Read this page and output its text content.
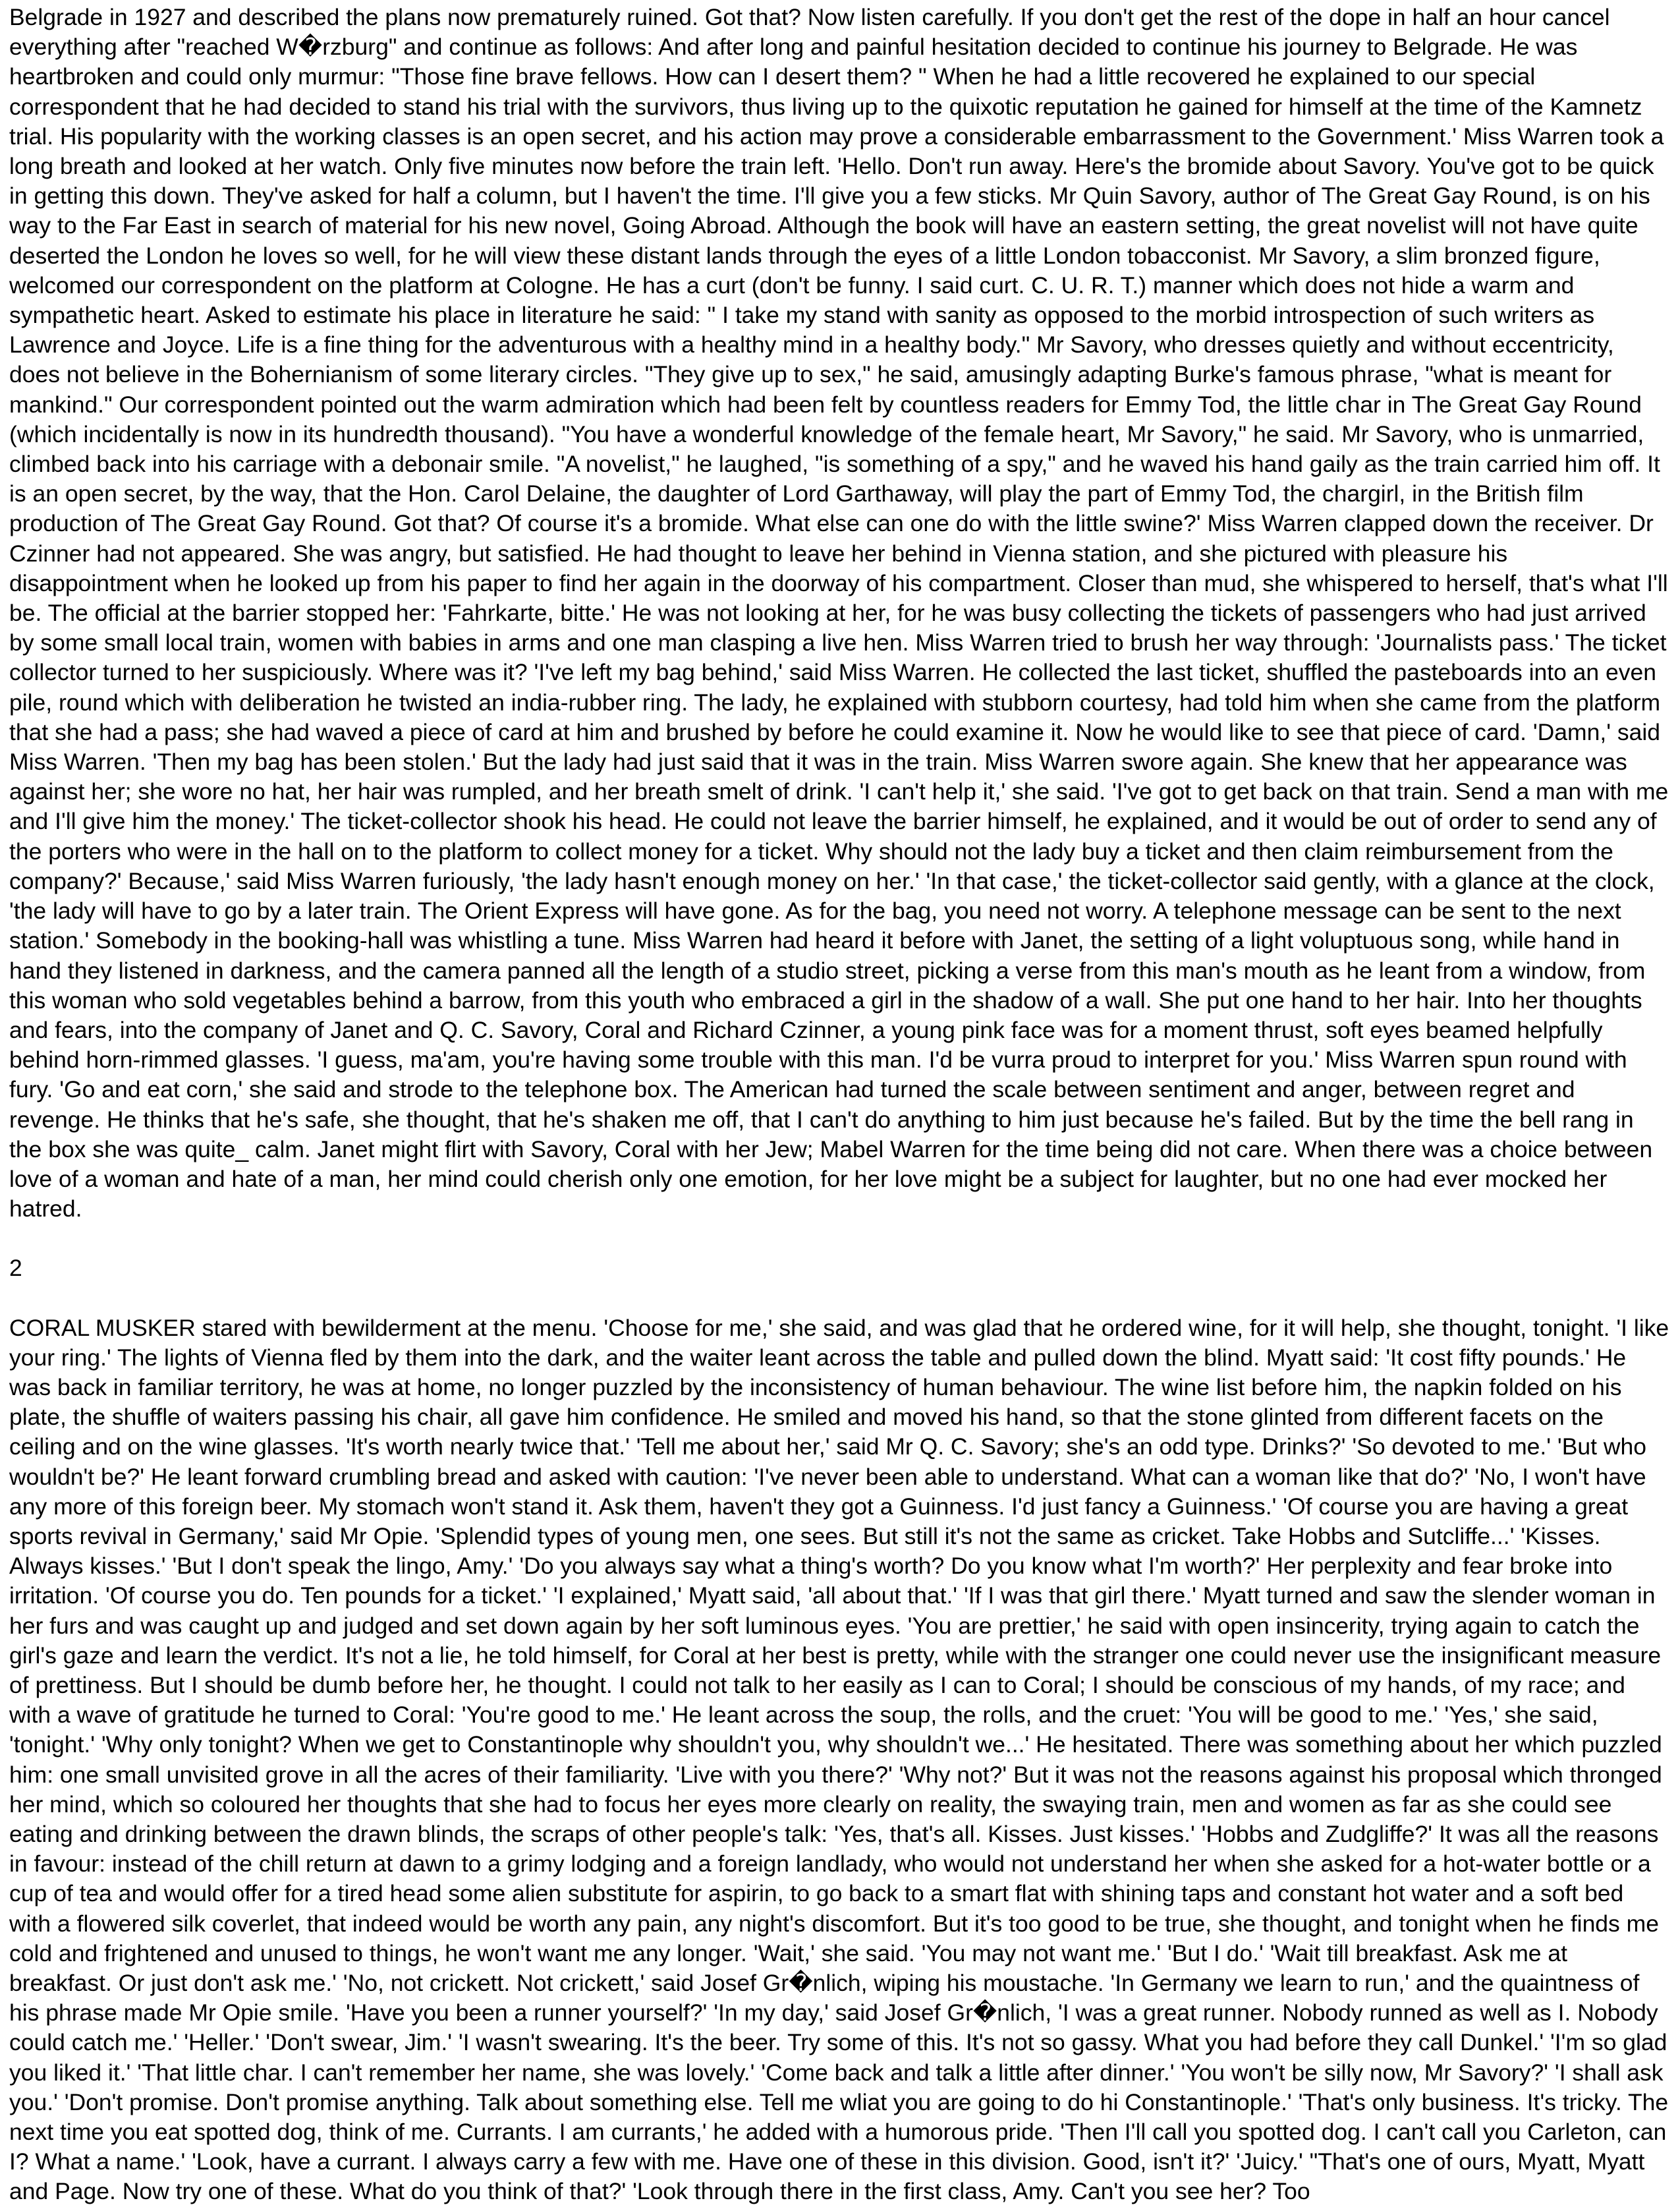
Belgrade in 1927 and described the plans now prematurely ruined. Got that? Now listen carefully. If you don't get the rest of the dope in half an hour cancel everything after "reached W�rzburg" and continue as follows: And after long and painful hesitation decided to continue his journey to Belgrade. He was heartbroken and could only murmur: "Those fine brave fellows. How can I desert them? " When he had a little recovered he explained to our special correspondent that he had decided to stand his trial with the survivors, thus living up to the quixotic reputation he gained for himself at the time of the Kamnetz trial. His popularity with the working classes is an open secret, and his action may prove a considerable embarrassment to the Government.' Miss Warren took a long breath and looked at her watch. Only five minutes now before the train left. 'Hello. Don't run away. Here's the bromide about Savory. You've got to be quick in getting this down. They've asked for half a column, but I haven't the time. I'll give you a few sticks. Mr Quin Savory, author of The Great Gay Round, is on his way to the Far East in search of material for his new novel, Going Abroad. Although the book will have an eastern setting, the great novelist will not have quite deserted the London he loves so well, for he will view these distant lands through the eyes of a little London tobacconist. Mr Savory, a slim bronzed figure, welcomed our correspondent on the platform at Cologne. He has a curt (don't be funny. I said curt. C. U. R. T.) manner which does not hide a warm and sympathetic heart. Asked to estimate his place in literature he said: " I take my stand with sanity as opposed to the morbid introspection of such writers as Lawrence and Joyce. Life is a fine thing for the adventurous with a healthy mind in a healthy body." Mr Savory, who dresses quietly and without eccentricity, does not believe in the Bohernianism of some literary circles. "They give up to sex," he said, amusingly adapting Burke's famous phrase, "what is meant for mankind." Our correspondent pointed out the warm admiration which had been felt by countless readers for Emmy Tod, the little char in The Great Gay Round (which incidentally is now in its hundredth thousand). "You have a wonderful knowledge of the female heart, Mr Savory," he said. Mr Savory, who is unmarried, climbed back into his carriage with a debonair smile. "A novelist," he laughed, "is something of a spy," and he waved his hand gaily as the train carried him off. It is an open secret, by the way, that the Hon. Carol Delaine, the daughter of Lord Garthaway, will play the part of Emmy Tod, the chargirl, in the British film production of The Great Gay Round. Got that? Of course it's a bromide. What else can one do with the little swine?' Miss Warren clapped down the receiver. Dr Czinner had not appeared. She was angry, but satisfied. He had thought to leave her behind in Vienna station, and she pictured with pleasure his disappointment when he looked up from his paper to find her again in the doorway of his compartment. Closer than mud, she whispered to herself, that's what I'll be. The official at the barrier stopped her: 'Fahrkarte, bitte.' He was not looking at her, for he was busy collecting the tickets of passengers who had just arrived by some small local train, women with babies in arms and one man clasping a live hen. Miss Warren tried to brush her way through: 'Journalists pass.' The ticket collector turned to her suspiciously. Where was it? 'I've left my bag behind,' said Miss Warren. He collected the last ticket, shuffled the pasteboards into an even pile, round which with deliberation he twisted an india-rubber ring. The lady, he explained with stubborn courtesy, had told him when she came from the platform that she had a pass; she had waved a piece of card at him and brushed by before he could examine it. Now he would like to see that piece of card. 'Damn,' said Miss Warren. 'Then my bag has been stolen.' But the lady had just said that it was in the train. Miss Warren swore again. She knew that her appearance was against her; she wore no hat, her hair was rumpled, and her breath smelt of drink. 'I can't help it,' she said. 'I've got to get back on that train. Send a man with me and I'll give him the money.' The ticket-collector shook his head. He could not leave the barrier himself, he explained, and it would be out of order to send any of the porters who were in the hall on to the platform to collect money for a ticket. Why should not the lady buy a ticket and then claim reimbursement from the company?' Because,' said Miss Warren furiously, 'the lady hasn't enough money on her.' 'In that case,' the ticket-collector said gently, with a glance at the clock, 'the lady will have to go by a later train. The Orient Express will have gone. As for the bag, you need not worry. A telephone message can be sent to the next station.' Somebody in the booking-hall was whistling a tune. Miss Warren had heard it before with Janet, the setting of a light voluptuous song, while hand in hand they listened in darkness, and the camera panned all the length of a studio street, picking a verse from this man's mouth as he leant from a window, from this woman who sold vegetables behind a barrow, from this youth who embraced a girl in the shadow of a wall. She put one hand to her hair. Into her thoughts and fears, into the company of Janet and Q. C. Savory, Coral and Richard Czinner, a young pink face was for a moment thrust, soft eyes beamed helpfully behind horn-rimmed glasses. 'I guess, ma'am, you're having some trouble with this man. I'd be vurra proud to interpret for you.' Miss Warren spun round with fury. 'Go and eat corn,' she said and strode to the telephone box. The American had turned the scale between sentiment and anger, between regret and revenge. He thinks that he's safe, she thought, that he's shaken me off, that I can't do anything to him just because he's failed. But by the time the bell rang in the box she was quite_ calm. Janet might flirt with Savory, Coral with her Jew; Mabel Warren for the time being did not care. When there was a choice between love of a woman and hate of a man, her mind could cherish only one emotion, for her love might be a subject for laughter, but no one had ever mocked her hatred.

2

CORAL MUSKER stared with bewilderment at the menu. 'Choose for me,' she said, and was glad that he ordered wine, for it will help, she thought, tonight. 'I like your ring.' The lights of Vienna fled by them into the dark, and the waiter leant across the table and pulled down the blind. Myatt said: 'It cost fifty pounds.' He was back in familiar territory, he was at home, no longer puzzled by the inconsistency of human behaviour. The wine list before him, the napkin folded on his plate, the shuffle of waiters passing his chair, all gave him confidence. He smiled and moved his hand, so that the stone glinted from different facets on the ceiling and on the wine glasses. 'It's worth nearly twice that.' 'Tell me about her,' said Mr Q. C. Savory; she's an odd type. Drinks?' 'So devoted to me.' 'But who wouldn't be?' He leant forward crumbling bread and asked with caution: 'I've never been able to understand. What can a woman like that do?' 'No, I won't have any more of this foreign beer. My stomach won't stand it. Ask them, haven't they got a Guinness. I'd just fancy a Guinness.' 'Of course you are having a great sports revival in Germany,' said Mr Opie. 'Splendid types of young men, one sees. But still it's not the same as cricket. Take Hobbs and Sutcliffe...' 'Kisses. Always kisses.' 'But I don't speak the lingo, Amy.' 'Do you always say what a thing's worth? Do you know what I'm worth?' Her perplexity and fear broke into irritation. 'Of course you do. Ten pounds for a ticket.' 'I explained,' Myatt said, 'all about that.' 'If I was that girl there.' Myatt turned and saw the slender woman in her furs and was caught up and judged and set down again by her soft luminous eyes. 'You are prettier,' he said with open insincerity, trying again to catch the girl's gaze and learn the verdict. It's not a lie, he told himself, for Coral at her best is pretty, while with the stranger one could never use the insignificant measure of prettiness. But I should be dumb before her, he thought. I could not talk to her easily as I can to Coral; I should be conscious of my hands, of my race; and with a wave of gratitude he turned to Coral: 'You're good to me.' He leant across the soup, the rolls, and the cruet: 'You will be good to me.' 'Yes,' she said, 'tonight.' 'Why only tonight? When we get to Constantinople why shouldn't you, why shouldn't we...' He hesitated. There was something about her which puzzled him: one small unvisited grove in all the acres of their familiarity. 'Live with you there?' 'Why not?' But it was not the reasons against his proposal which thronged her mind, which so coloured her thoughts that she had to focus her eyes more clearly on reality, the swaying train, men and women as far as she could see eating and drinking between the drawn blinds, the scraps of other people's talk: 'Yes, that's all. Kisses. Just kisses.' 'Hobbs and Zudgliffe?' It was all the reasons in favour: instead of the chill return at dawn to a grimy lodging and a foreign landlady, who would not understand her when she asked for a hot-water bottle or a cup of tea and would offer for a tired head some alien substitute for aspirin, to go back to a smart flat with shining taps and constant hot water and a soft bed with a flowered silk coverlet, that indeed would be worth any pain, any night's discomfort. But it's too good to be true, she thought, and tonight when he finds me cold and frightened and unused to things, he won't want me any longer. 'Wait,' she said. 'You may not want me.' 'But I do.' 'Wait till breakfast. Ask me at breakfast. Or just don't ask me.' 'No, not crickett. Not crickett,' said Josef Gr�nlich, wiping his moustache. 'In Germany we learn to run,' and the quaintness of his phrase made Mr Opie smile. 'Have you been a runner yourself?' 'In my day,' said Josef Gr�nlich, 'I was a great runner. Nobody runned as well as I. Nobody could catch me.' 'Heller.' 'Don't swear, Jim.' 'I wasn't swearing. It's the beer. Try some of this. It's not so gassy. What you had before they call Dunkel.' 'I'm so glad you liked it.' 'That little char. I can't remember her name, she was lovely.' 'Come back and talk a little after dinner.' 'You won't be silly now, Mr Savory?' 'I shall ask you.' 'Don't promise. Don't promise anything. Talk about something else. Tell me wliat you are going to do hi Constantinople.' 'That's only business. It's tricky. The next time you eat spotted dog, think of me. Currants. I am currants,' he added with a humorous pride. 'Then I'll call you spotted dog. I can't call you Carleton, can I? What a name.' 'Look, have a currant. I always carry a few with me. Have one of these in this division. Good, isn't it?' 'Juicy.' "That's one of ours, Myatt, Myatt and Page. Now try one of these. What do you think of that?' 'Look through there in the first class, Amy. Can't you see her? Too
